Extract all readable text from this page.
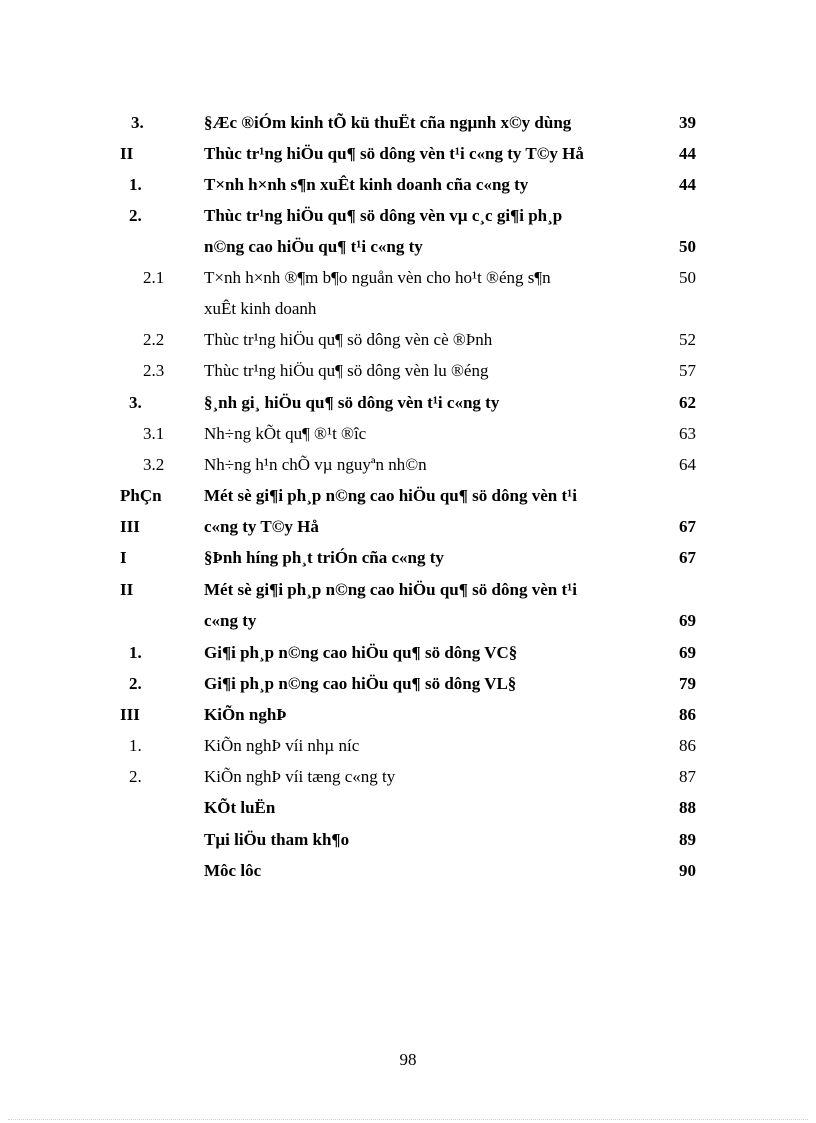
3.	§Æc ®iÓm kinh tÕ kü thuËt cña ngµnh x©y dùng	39
II	Thùc tr¹ng hiÖu qu¶ sö dông vèn t¹i c«ng ty T©y Hå	44
1.	T×nh h×nh s¶n xuÊt kinh doanh cña c«ng ty	44
2.	Thùc tr¹ng hiÖu qu¶ sö dông vèn vµ c¸c gi¶i ph¸p
n©ng cao hiÖu qu¶ t¹i c«ng ty	50
2.1 T×nh h×nh ®¶m b¶o nguån vèn cho ho¹t ®éng s¶n	50
xuÊt kinh doanh
2.2 Thùc tr¹ng hiÖu qu¶ sö dông vèn cè ®Þnh	52
2.3 Thùc tr¹ng hiÖu qu¶ sö dông vèn lu ®éng	57
3.	§¸nh gi¸ hiÖu qu¶ sö dông vèn t¹i c«ng ty	62
3.1 Nh÷ng kÕt qu¶ ®¹t ®îc	63
3.2 Nh÷ng h¹n chÕ vµ nguyªn nh©n	64
PhÇn Mét sè gi¶i ph¸p n©ng cao hiÖu qu¶ sö dông vèn t¹i
III	c«ng ty T©y Hå	67
I	§Þnh híng ph¸t triÓn cña c«ng ty	67
II	Mét sè gi¶i ph¸p n©ng cao hiÖu qu¶ sö dông vèn t¹i
c«ng ty	69
1.	Gi¶i ph¸p n©ng cao hiÖu qu¶ sö dông VC§	69
2.	Gi¶i ph¸p n©ng cao hiÖu qu¶ sö dông VL§	79
III	KiÕn nghÞ	86
1.	KiÕn nghÞ víi nhµ níc	86
2.	KiÕn nghÞ víi tæng c«ng ty	87
KÕt luËn	88
Tµi liÖu tham kh¶o	89
Môc lôc	90
98
